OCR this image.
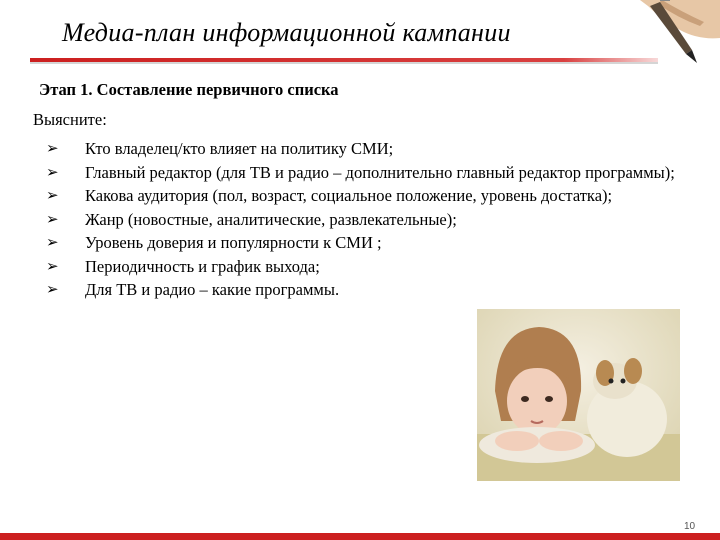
Медиа-план информационной кампании
Этап 1. Составление первичного списка
Выясните:
➢ Кто владелец/кто влияет на политику СМИ;
➢ Главный редактор (для ТВ и радио – дополнительно главный редактор программы);
➢ Какова аудитория (пол, возраст, социальное положение, уровень достатка);
➢ Жанр (новостные, аналитические, развлекательные);
➢ Уровень доверия и популярности к СМИ ;
➢ Периодичность и график выхода;
➢ Для ТВ и радио – какие программы.
10
